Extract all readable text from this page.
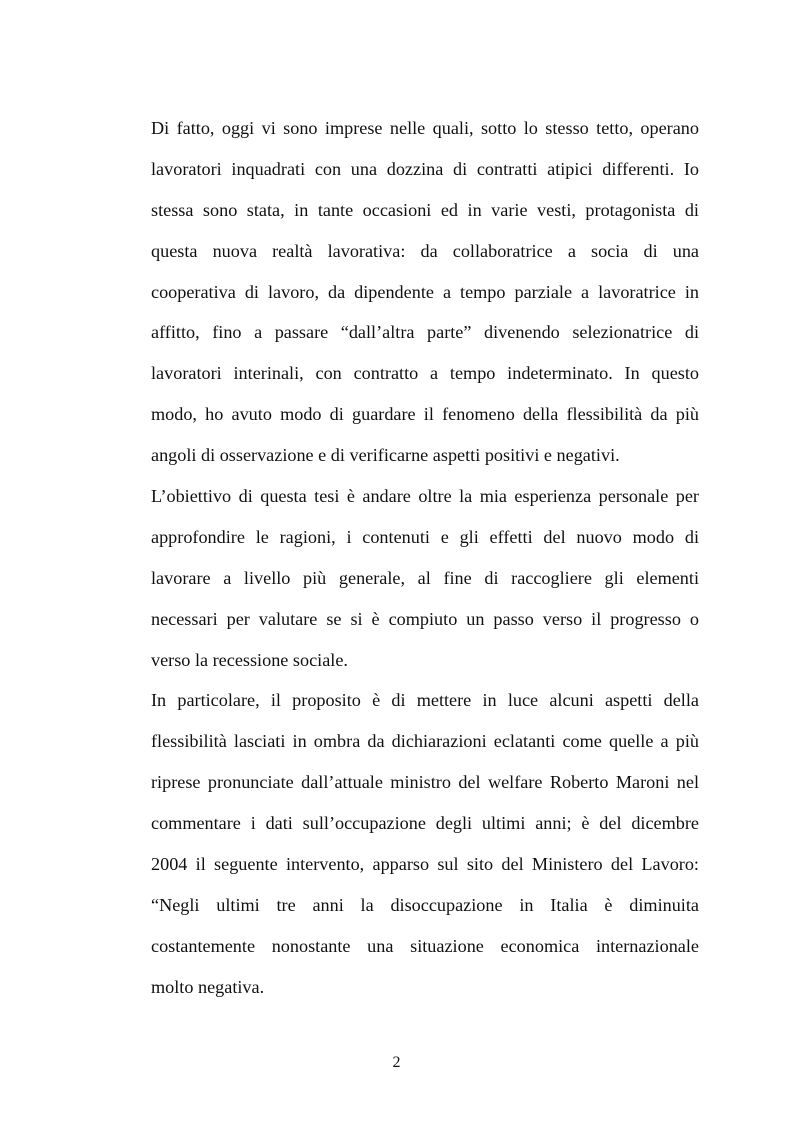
Di fatto, oggi vi sono imprese nelle quali, sotto lo stesso tetto, operano
lavoratori inquadrati con una dozzina di contratti atipici differenti. Io
stessa sono stata, in tante occasioni ed in varie vesti, protagonista di
questa nuova realtà lavorativa: da collaboratrice a socia di una
cooperativa di lavoro, da dipendente a tempo parziale a lavoratrice in
affitto, fino a passare “dall’altra parte” divenendo selezionatrice di
lavoratori interinali, con contratto a tempo indeterminato. In questo
modo, ho avuto modo di guardare il fenomeno della flessibilità da più
angoli di osservazione e di verificarne aspetti positivi e negativi.
L’obiettivo di questa tesi è andare oltre la mia esperienza personale per
approfondire le ragioni, i contenuti e gli effetti del nuovo modo di
lavorare a livello più generale, al fine di raccogliere gli elementi
necessari per valutare se si è compiuto un passo verso il progresso o
verso la recessione sociale.
In particolare, il proposito è di mettere in luce alcuni aspetti della
flessibilità lasciati in ombra da dichiarazioni eclatanti come quelle a più
riprese pronunciate dall’attuale ministro del welfare Roberto Maroni nel
commentare i dati sull’occupazione degli ultimi anni; è del dicembre
2004 il seguente intervento, apparso sul sito del Ministero del Lavoro:
“Negli ultimi tre anni la disoccupazione in Italia è diminuita
costantemente nonostante una situazione economica internazionale
molto negativa.
2
